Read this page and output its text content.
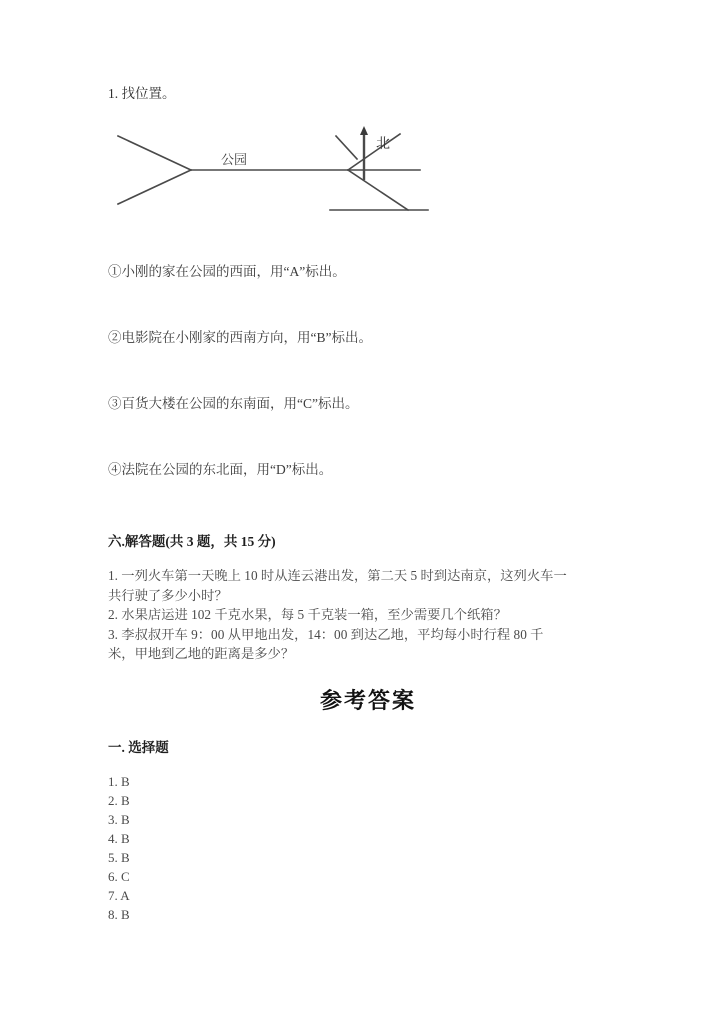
1. 找位置。

公园
北
①小刚的家在公园的西面，用“A”标出。
②电影院在小刚家的西南方向，用“B”标出。
③百货大楼在公园的东南面，用“C”标出。
④法院在公园的东北面，用“D”标出。

六.解答题(共 3 题，共 15 分)

1. 一列火车第一天晚上 10 时从连云港出发，第二天 5 时到达南京，这列火车一

共行驶了多少小时？

2. 水果店运进 102 千克水果，每 5 千克装一箱，至少需要几个纸箱？

3. 李叔叔开车 9：00 从甲地出发，14：00 到达乙地，平均每小时行程 80 千

米，甲地到乙地的距离是多少？

参考答案

一. 选择题

1. B
2. B
3. B
4. B
5. B
6. C
7. A
8. B
